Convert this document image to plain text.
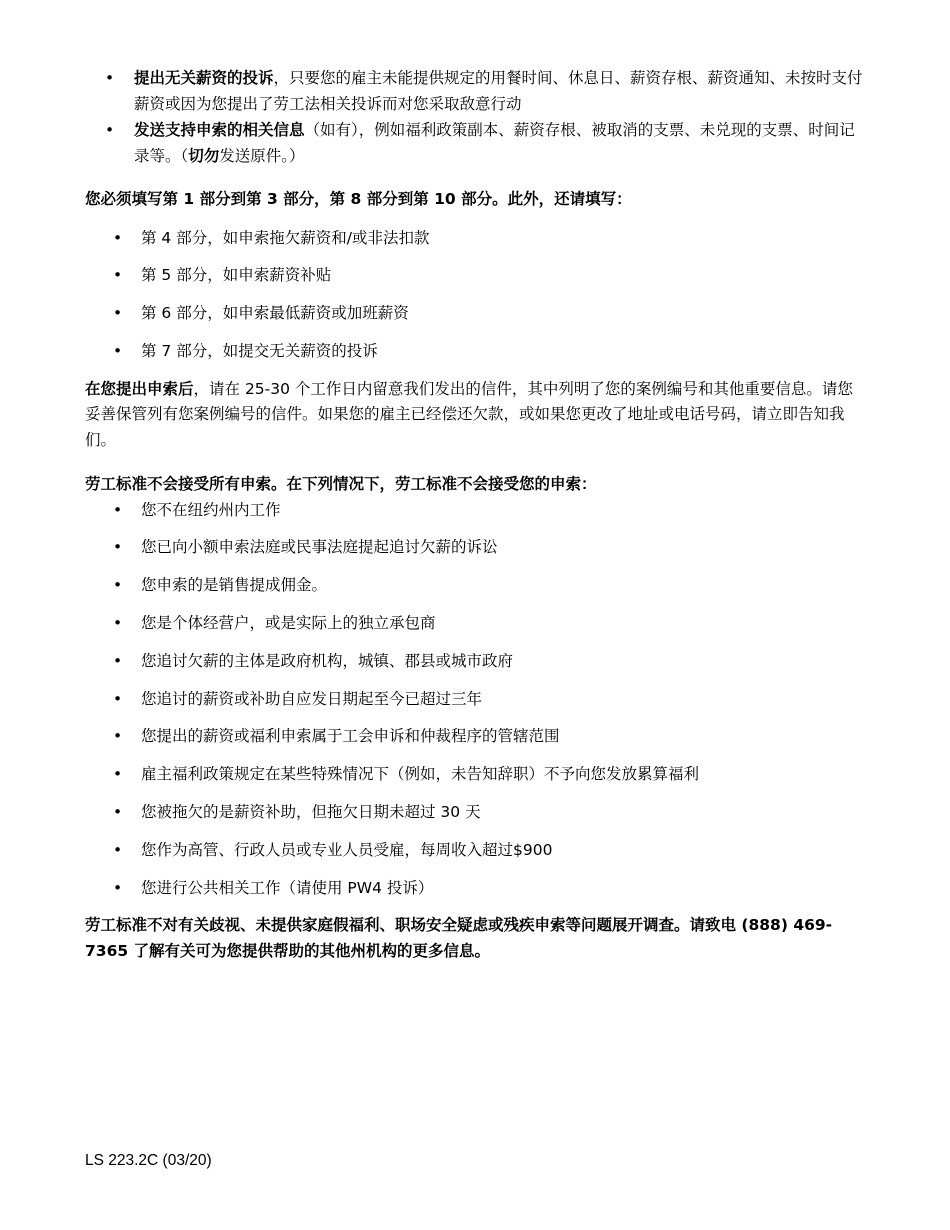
• 提出无关薪资的投诉，只要您的雇主未能提供规定的用餐时间、休息日、薪资存根、薪资通知、未按时支付薪资或因为您提出了劳工法相关投诉而对您采取敌意行动
• 发送支持申索的相关信息（如有），例如福利政策副本、薪资存根、被取消的支票、未兑现的支票、时间记录等。（切勿发送原件。）

您必须填写第 1 部分到第 3 部分，第 8 部分到第 10 部分。此外，还请填写：

• 第 4 部分，如申索拖欠薪资和/或非法扣款
• 第 5 部分，如申索薪资补贴
• 第 6 部分，如申索最低薪资或加班薪资
• 第 7 部分，如提交无关薪资的投诉

在您提出申索后，请在 25-30 个工作日内留意我们发出的信件，其中列明了您的案例编号和其他重要信息。请您妥善保管列有您案例编号的信件。如果您的雇主已经偿还欠款，或如果您更改了地址或电话号码，请立即告知我们。

劳工标准不会接受所有申索。在下列情况下，劳工标准不会接受您的申索：

• 您不在纽约州内工作
• 您已向小额申索法庭或民事法庭提起追讨欠薪的诉讼
• 您申索的是销售提成佣金。
• 您是个体经营户，或是实际上的独立承包商
• 您追讨欠薪的主体是政府机构，城镇、郡县或城市政府
• 您追讨的薪资或补助自应发日期起至今已超过三年
• 您提出的薪资或福利申索属于工会申诉和仲裁程序的管辖范围
• 雇主福利政策规定在某些特殊情况下（例如，未告知辞职）不予向您发放累算福利
• 您被拖欠的是薪资补助，但拖欠日期未超过 30 天
• 您作为高管、行政人员或专业人员受雇，每周收入超过$900
• 您进行公共相关工作（请使用 PW4 投诉）

劳工标准不对有关歧视、未提供家庭假福利、职场安全疑虑或残疾申索等问题展开调查。请致电 (888) 469-7365 了解有关可为您提供帮助的其他州机构的更多信息。

LS 223.2C (03/20)
